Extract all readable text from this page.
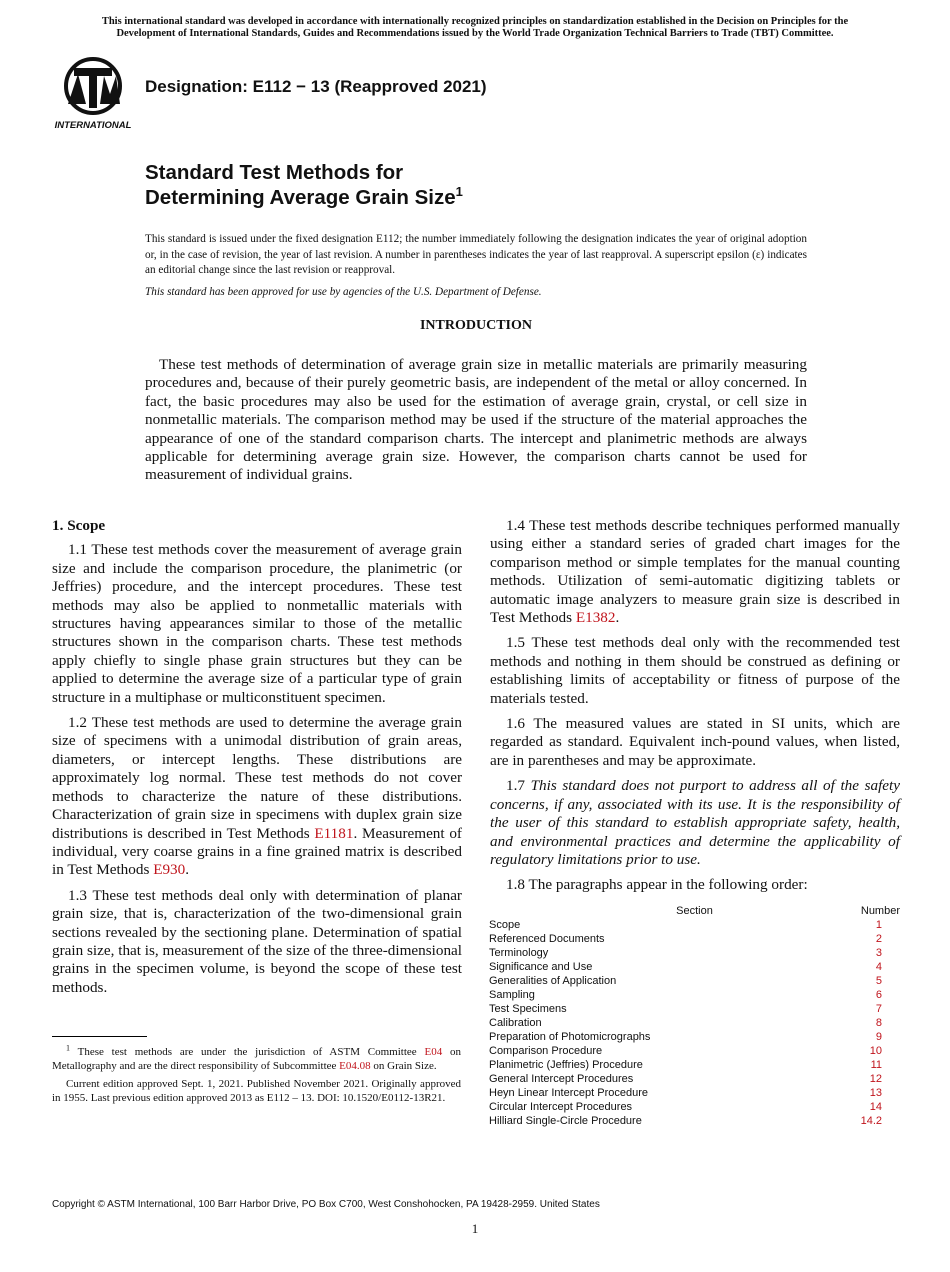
This international standard was developed in accordance with internationally recognized principles on standardization established in the Decision on Principles for the
Development of International Standards, Guides and Recommendations issued by the World Trade Organization Technical Barriers to Trade (TBT) Committee.
INTERNATIONAL
Designation: E112 − 13 (Reapproved 2021)
Standard Test Methods for
Determining Average Grain Size$^1$
This standard is issued under the fixed designation E112; the number immediately following the designation indicates the year of original adoption or, in the case of revision, the year of last revision. A number in parentheses indicates the year of last reapproval. A superscript epsilon (ε) indicates an editorial change since the last revision or reapproval.
This standard has been approved for use by agencies of the U.S. Department of Defense.
INTRODUCTION
These test methods of determination of average grain size in metallic materials are primarily measuring procedures and, because of their purely geometric basis, are independent of the metal or alloy concerned. In fact, the basic procedures may also be used for the estimation of average grain, crystal, or cell size in nonmetallic materials. The comparison method may be used if the structure of the material approaches the appearance of one of the standard comparison charts. The intercept and planimetric methods are always applicable for determining average grain size. However, the comparison charts cannot be used for measurement of individual grains.
1. Scope

1.1 These test methods cover the measurement of average grain size and include the comparison procedure, the planimetric (or Jeffries) procedure, and the intercept procedures. These test methods may also be applied to nonmetallic materials with structures having appearances similar to those of the metallic structures shown in the comparison charts. These test methods apply chiefly to single phase grain structures but they can be applied to determine the average size of a particular type of grain structure in a multiphase or multiconstituent specimen.

1.2 These test methods are used to determine the average grain size of specimens with a unimodal distribution of grain areas, diameters, or intercept lengths. These distributions are approximately log normal. These test methods do not cover methods to characterize the nature of these distributions. Characterization of grain size in specimens with duplex grain size distributions is described in Test Methods E1181. Measurement of individual, very coarse grains in a fine grained matrix is described in Test Methods E930.

1.3 These test methods deal only with determination of planar grain size, that is, characterization of the two-dimensional grain sections revealed by the sectioning plane. Determination of spatial grain size, that is, measurement of the size of the three-dimensional grains in the specimen volume, is beyond the scope of these test methods.

1.4 These test methods describe techniques performed manually using either a standard series of graded chart images for the comparison method or simple templates for the manual counting methods. Utilization of semi-automatic digitizing tablets or automatic image analyzers to measure grain size is described in Test Methods E1382.

1.5 These test methods deal only with the recommended test methods and nothing in them should be construed as defining or establishing limits of acceptability or fitness of purpose of the materials tested.

1.6 The measured values are stated in SI units, which are regarded as standard. Equivalent inch-pound values, when listed, are in parentheses and may be approximate.

1.7 This standard does not purport to address all of the safety concerns, if any, associated with its use. It is the responsibility of the user of this standard to establish appropriate safety, health, and environmental practices and determine the applicability of regulatory limitations prior to use.

1.8 The paragraphs appear in the following order:

Section	Number
Scope	1
Referenced Documents	2
Terminology	3
Significance and Use	4
Generalities of Application	5
Sampling	6
Test Specimens	7
Calibration	8
Preparation of Photomicrographs	9
Comparison Procedure	10
Planimetric (Jeffries) Procedure	11
General Intercept Procedures	12
Heyn Linear Intercept Procedure	13
Circular Intercept Procedures	14
Hilliard Single-Circle Procedure	14.2

$^1$ These test methods are under the jurisdiction of ASTM Committee E04 on Metallography and are the direct responsibility of Subcommittee E04.08 on Grain Size.

Current edition approved Sept. 1, 2021. Published November 2021. Originally approved in 1955. Last previous edition approved 2013 as E112 – 13. DOI: 10.1520/E0112-13R21.

Copyright © ASTM International, 100 Barr Harbor Drive, PO Box C700, West Conshohocken, PA 19428-2959. United States
1
